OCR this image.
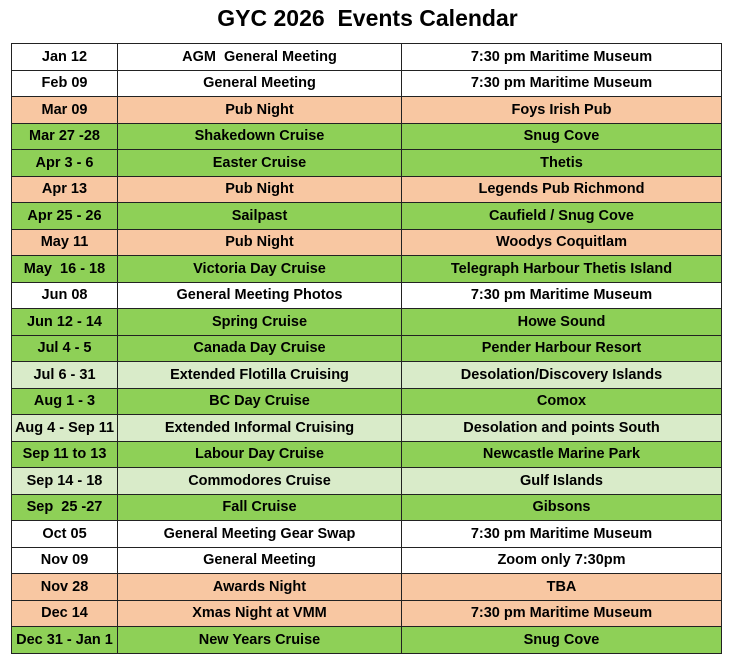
GYC 2026  Events Calendar
Jan 12	AGM  General Meeting	7:30 pm Maritime Museum
Feb 09	General Meeting	7:30 pm Maritime Museum
Mar 09	Pub Night	Foys Irish Pub
Mar 27 -28	Shakedown Cruise	Snug Cove
Apr 3 - 6	Easter Cruise	Thetis
Apr 13	Pub Night	Legends Pub Richmond
Apr 25 - 26	Sailpast	Caufield / Snug Cove
May 11	Pub Night	Woodys Coquitlam
May  16 - 18	Victoria Day Cruise	Telegraph Harbour Thetis Island
Jun 08	General Meeting Photos	7:30 pm Maritime Museum
Jun 12 - 14	Spring Cruise	Howe Sound
Jul 4 - 5	Canada Day Cruise	Pender Harbour Resort
Jul 6 - 31	Extended Flotilla Cruising	Desolation/Discovery Islands
Aug 1 - 3	BC Day Cruise	Comox
Aug 4 - Sep 11	Extended Informal Cruising	Desolation and points South
Sep 11 to 13	Labour Day Cruise	Newcastle Marine Park
Sep 14 - 18	Commodores Cruise	Gulf Islands
Sep  25 -27	Fall Cruise	Gibsons
Oct 05	General Meeting Gear Swap	7:30 pm Maritime Museum
Nov 09	General Meeting	Zoom only 7:30pm
Nov 28	Awards Night	TBA
Dec 14	Xmas Night at VMM	7:30 pm Maritime Museum
Dec 31 - Jan 1	New Years Cruise	Snug Cove
